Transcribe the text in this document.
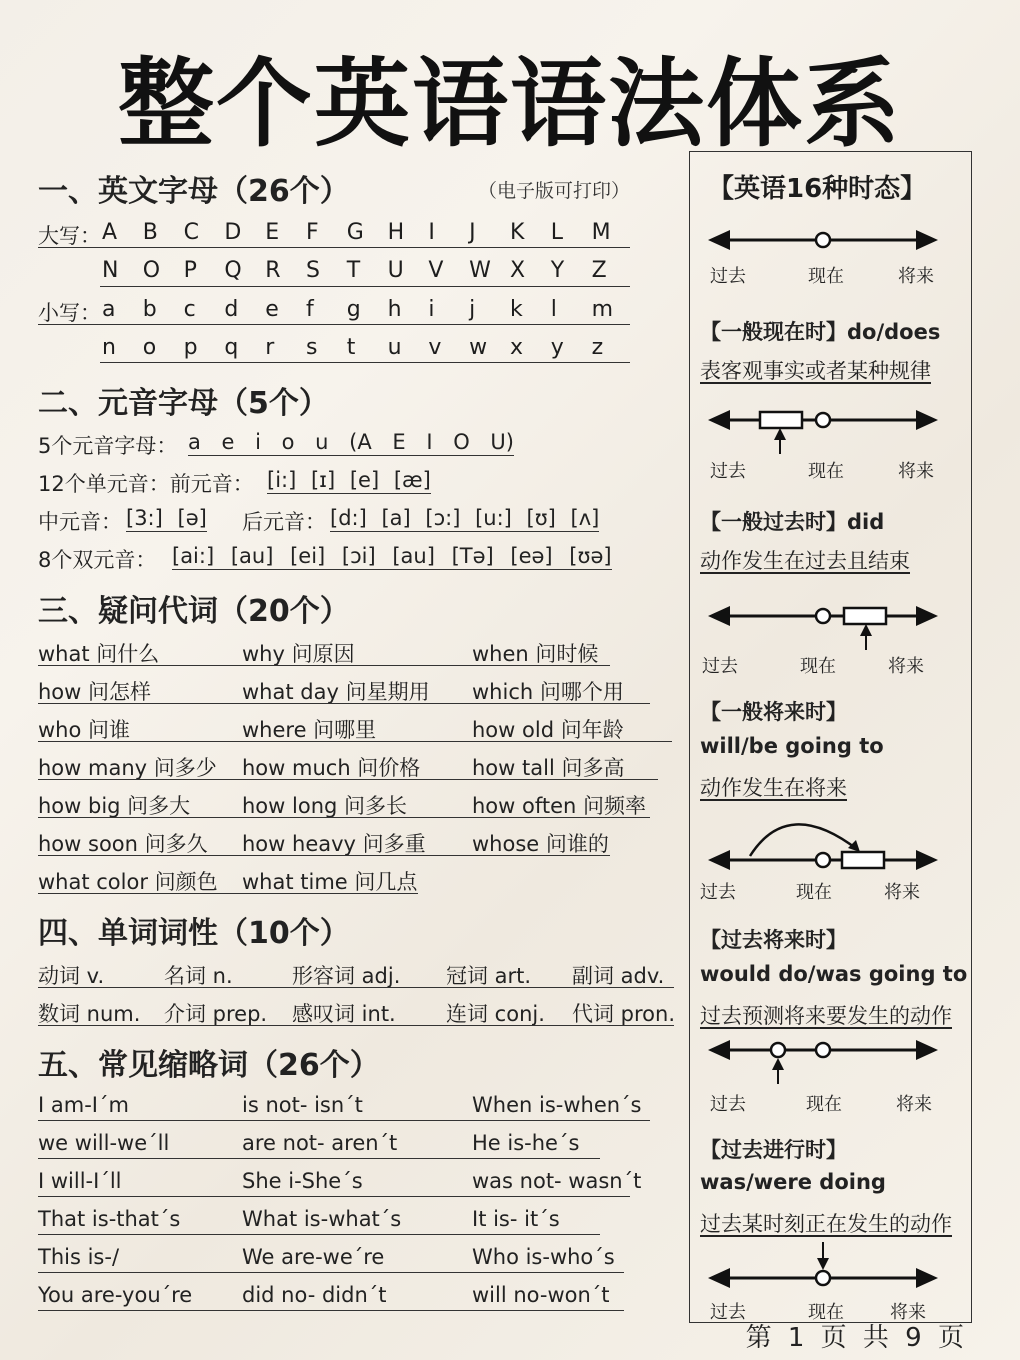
整个英语语法体系
一、英文字母（26个）	（电子版可打印）
大写： A B C D E F G H I J K L M
N O P Q R S T U V W X Y Z
小写： a b c d e f g h i j k l m
n o p q r s t u v w x y z
二、元音字母（5个）
5个元音字母： a e i o u (A E I O U)
12个单元音：前元音： [i:] [ɪ] [e] [æ]
中元音： [3:] [ə] 后元音： [d:] [a] [ɔ:] [u:] [ʊ] [ʌ]
8个双元音： [ai:] [au] [ei] [ɔi] [au] [Tə] [eə] [ʊə]
三、疑问代词（20个）
what 问什么	why 问原因	when 问时候
how 问怎样	what day 问星期用 which 问哪个用
who 问谁	where 问哪里	how old 问年龄
how many 问多少 how much 问价格 how tall 问多高
how big 问多大 how long 问多长	how often 问频率
how soon 问多久 how heavy 问多重 whose 问谁的
what color 问颜色 what time 问几点
四、单词词性（10个）
动词 v.	名词 n.	形容词 adj. 冠词 art. 副词 adv.
数词 num. 介词 prep. 感叹词 int. 连词 conj. 代词 pron.
五、常见缩略词（26个）
I am-I´m	is not- isn´t	When is-when´s
we will-we´ll	are not- aren´t	He is-he´s
I will-I´ll	She i-She´s	was not- wasn´t
That is-that´s	What is-what´s	It is- it´s
This is-/	We are-we´re	Who is-who´s
You are-you´re did no- didn´t	will no-won´t
【英语16种时态】
过去	现在	将来
【一般现在时】do/does
表客观事实或者某种规律
过去	现在	将来
【一般过去时】did
动作发生在过去且结束
过去	现在	将来
【一般将来时】
will/be going to
动作发生在将来
过去	现在	将来
【过去将来时】
would do/was going to
过去预测将来要发生的动作
过去	现在	将来
【过去进行时】
was/were doing
过去某时刻正在发生的动作
过去	现在	将来
第 1 页 共 9 页
